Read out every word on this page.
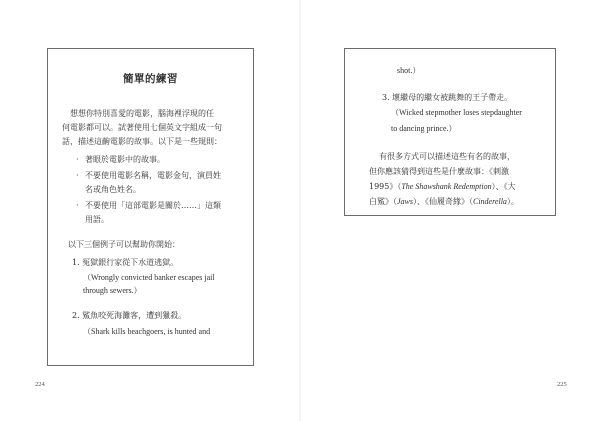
簡單的練習
想想你特別喜愛的電影，腦海裡浮現的任
何電影都可以。試著使用七個英文字組成一句
話，描述這齣電影的故事。以下是一些規則：
· 著眼於電影中的故事。
· 不要使用電影名稱，電影金句，演員姓
名或角色姓名。
· 不要使用「這部電影是關於……」這類
用語。
以下三個例子可以幫助你開始：
1. 冤獄銀行家從下水道逃獄。
（Wrongly convicted banker escapes jail
through sewers.）
2. 鯊魚咬死海灘客，遭到獵殺。
（Shark kills beachgoers, is hunted and
224
shot.）
3. 壞繼母的繼女被跳舞的王子帶走。
（Wicked stepmother loses stepdaughter
to dancing prince.）
有很多方式可以描述這些有名的故事，
但你應該猜得到這些是什麼故事：《刺激
1995》（The Shawshank Redemption）、《大
白鯊》（Jaws）、《仙履奇緣》（Cinderella）。
225
